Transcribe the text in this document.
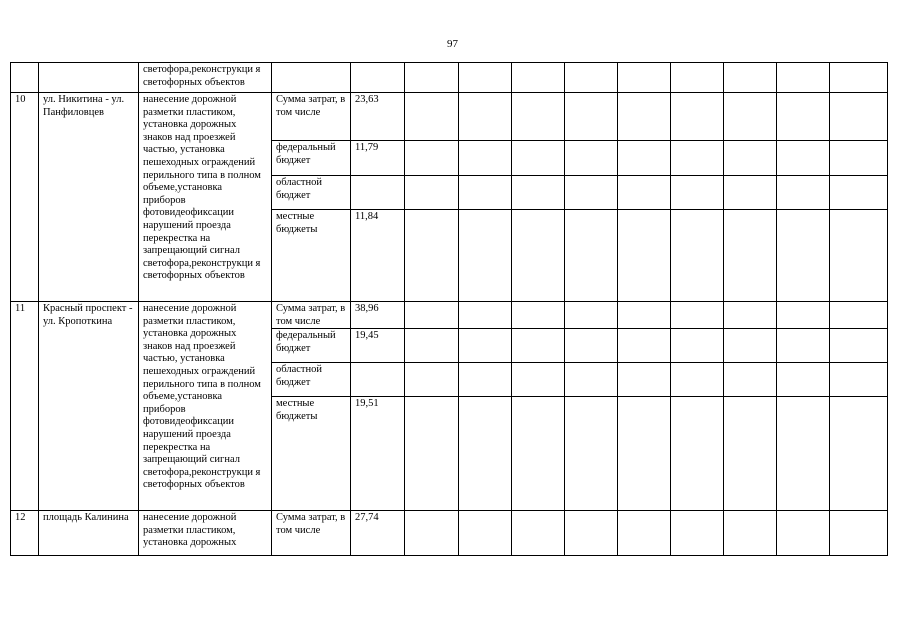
97
		светофора,реконструкци я светофорных объектов												
10	ул. Никитина - ул. Панфиловцев	нанесение дорожной разметки пластиком, установка дорожных знаков над проезжей частью, установка пешеходных ограждений перильного типа в полном объеме,установка приборов фотовидеофиксации нарушений проезда перекрестка на запрещающий сигнал светофора,реконструкци я светофорных объектов	Сумма затрат, в том числе	23,63										
			федеральный бюджет	11,79										
			областной бюджет											
			местные бюджеты	11,84										
11	Красный проспект - ул. Кропоткина	нанесение дорожной разметки пластиком, установка дорожных знаков над проезжей частью, установка пешеходных ограждений перильного типа в полном объеме,установка приборов фотовидеофиксации нарушений проезда перекрестка на запрещающий сигнал светофора,реконструкци я светофорных объектов	Сумма затрат, в том числе	38,96										
			федеральный бюджет	19,45										
			областной бюджет											
			местные бюджеты	19,51										
12	площадь Калинина	нанесение дорожной разметки пластиком, установка дорожных	Сумма затрат, в том числе	27,74										
